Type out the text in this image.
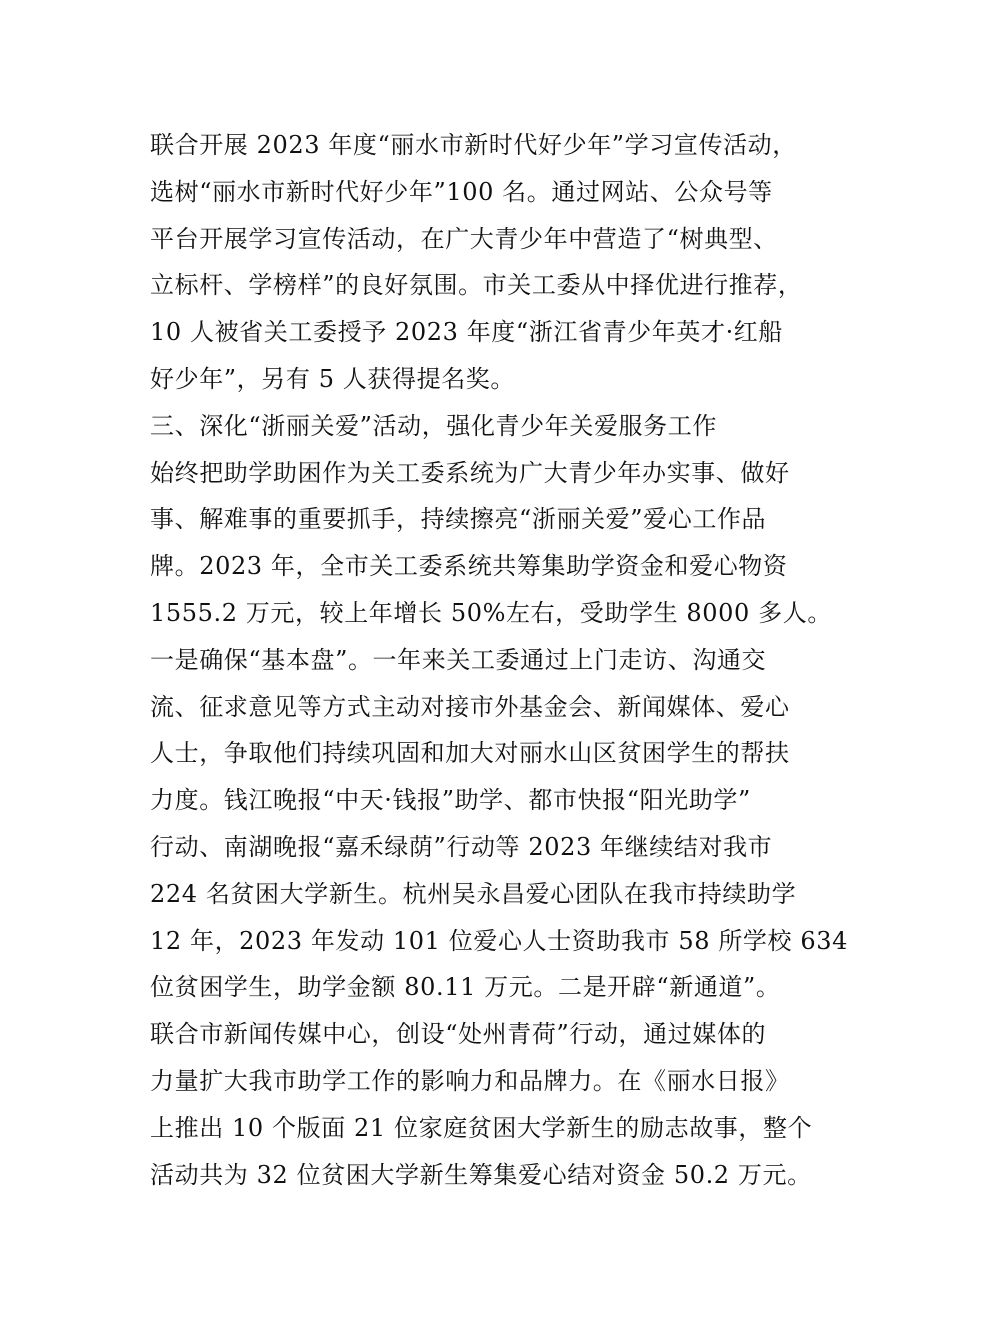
联合开展 2023 年度“丽水市新时代好少年”学习宣传活动，
选树“丽水市新时代好少年”100 名。通过网站、公众号等
平台开展学习宣传活动，在广大青少年中营造了“树典型、
立标杆、学榜样”的良好氛围。市关工委从中择优进行推荐，
10 人被省关工委授予 2023 年度“浙江省青少年英才·红船
好少年”，另有 5 人获得提名奖。
三、深化“浙丽关爱”活动，强化青少年关爱服务工作
始终把助学助困作为关工委系统为广大青少年办实事、做好
事、解难事的重要抓手，持续擦亮“浙丽关爱”爱心工作品
牌。2023 年，全市关工委系统共筹集助学资金和爱心物资
1555.2 万元，较上年增长 50%左右，受助学生 8000 多人。
一是确保“基本盘”。一年来关工委通过上门走访、沟通交
流、征求意见等方式主动对接市外基金会、新闻媒体、爱心
人士，争取他们持续巩固和加大对丽水山区贫困学生的帮扶
力度。钱江晚报“中天·钱报”助学、都市快报“阳光助学”
行动、南湖晚报“嘉禾绿荫”行动等 2023 年继续结对我市
224 名贫困大学新生。杭州吴永昌爱心团队在我市持续助学
12 年，2023 年发动 101 位爱心人士资助我市 58 所学校 634
位贫困学生，助学金额 80.11 万元。二是开辟“新通道”。
联合市新闻传媒中心，创设“处州青荷”行动，通过媒体的
力量扩大我市助学工作的影响力和品牌力。在《丽水日报》
上推出 10 个版面 21 位家庭贫困大学新生的励志故事，整个
活动共为 32 位贫困大学新生筹集爱心结对资金 50.2 万元。
